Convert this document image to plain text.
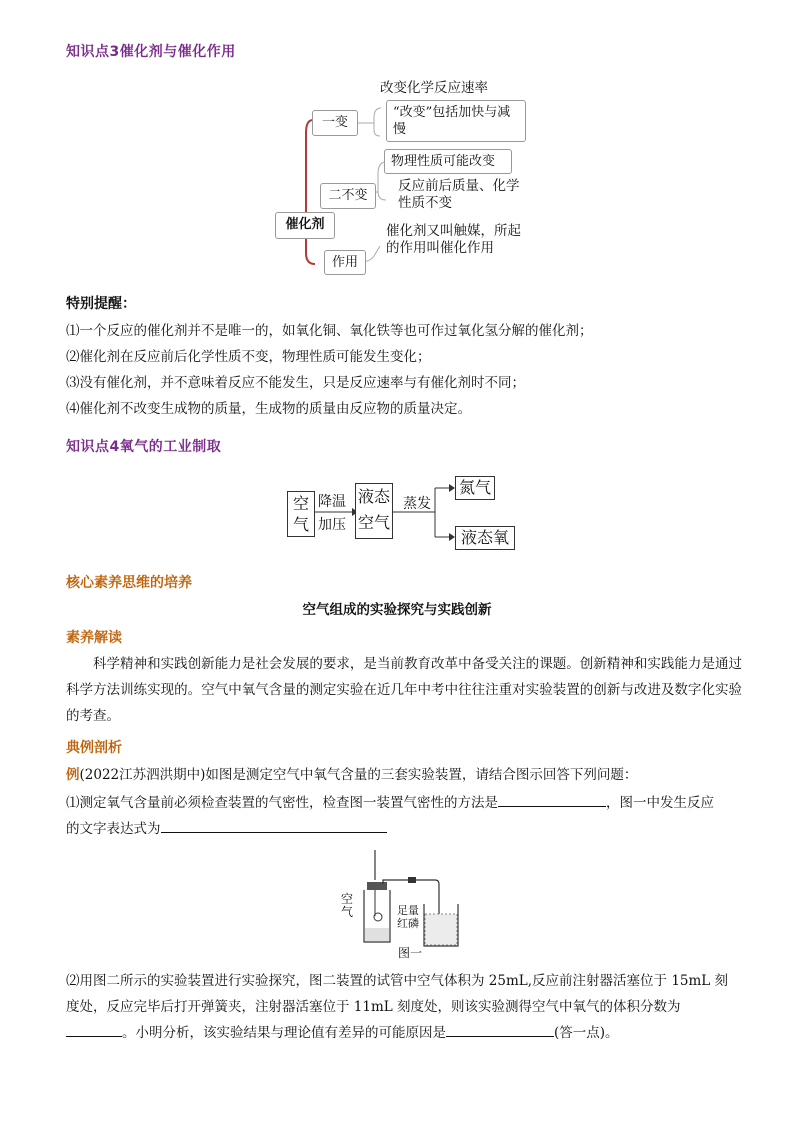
知识点3催化剂与催化作用
催化剂
一变
改变化学反应速率
“改变”包括加快与减慢
二不变
物理性质可能改变
反应前后质量、化学性质不变
作用
催化剂又叫触媒，所起的作用叫催化作用
特别提醒：
⑴一个反应的催化剂并不是唯一的，如氧化铜、氧化铁等也可作过氧化氢分解的催化剂；
⑵催化剂在反应前后化学性质不变，物理性质可能发生变化；
⑶没有催化剂，并不意味着反应不能发生，只是反应速率与有催化剂时不同；
⑷催化剂不改变生成物的质量，生成物的质量由反应物的质量决定。
知识点4氧气的工业制取
空气
降温
加压
液态
空气
蒸发
氮气
液态氧
核心素养思维的培养
空气组成的实验探究与实践创新
素养解读
科学精神和实践创新能力是社会发展的要求，是当前教育改革中备受关注的课题。创新精神和实践能力是通过科学方法训练实现的。空气中氧气含量的测定实验在近几年中考中往往注重对实验装置的创新与改进及数字化实验的考查。
典例剖析
例(2022江苏泗洪期中)如图是测定空气中氧气含量的三套实验装置，请结合图示回答下列问题：
⑴测定氧气含量前必须检查装置的气密性，检查图一装置气密性的方法是	，图一中发生反应
的文字表达式为
空气	足量
红磷
图一
⑵用图二所示的实验装置进行实验探究，图二装置的试管中空气体积为 25mL,反应前注射器活塞位于 15mL 刻
度处，反应完毕后打开弹簧夹，注射器活塞位于 11mL 刻度处，则该实验测得空气中氧气的体积分数为
。小明分析，该实验结果与理论值有差异的可能原因是	(答一点)。
